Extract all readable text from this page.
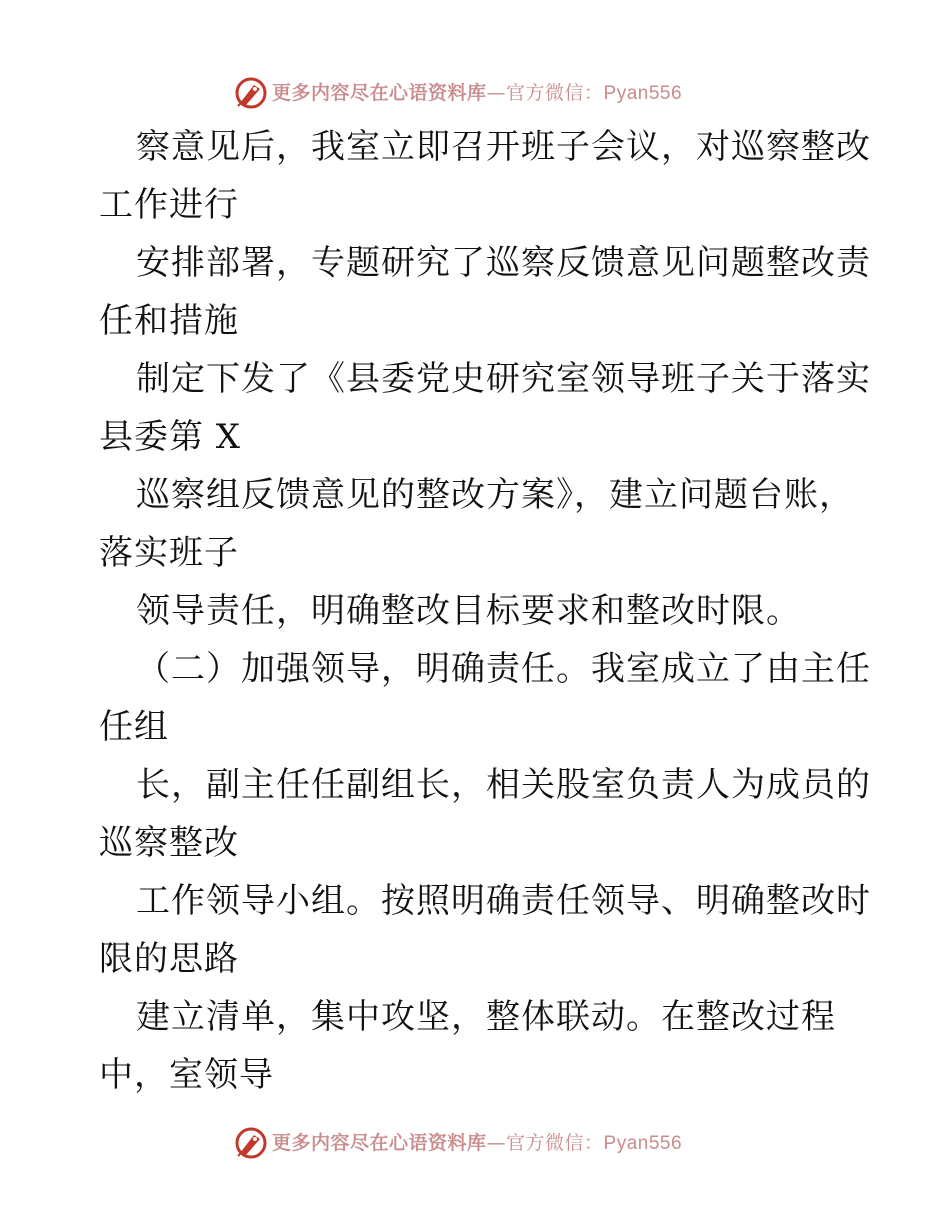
更多内容尽在心语资料库—官方微信：Pyan556
察意见后，我室立即召开班子会议，对巡察整改
工作进行
安排部署，专题研究了巡察反馈意见问题整改责
任和措施
制定下发了《县委党史研究室领导班子关于落实
县委第 X
巡察组反馈意见的整改方案》，建立问题台账，
落实班子
领导责任，明确整改目标要求和整改时限。
（二）加强领导，明确责任。我室成立了由主任
任组
长，副主任任副组长，相关股室负责人为成员的
巡察整改
工作领导小组。按照明确责任领导、明确整改时
限的思路
建立清单，集中攻坚，整体联动。在整改过程
中，室领导
更多内容尽在心语资料库—官方微信：Pyan556
